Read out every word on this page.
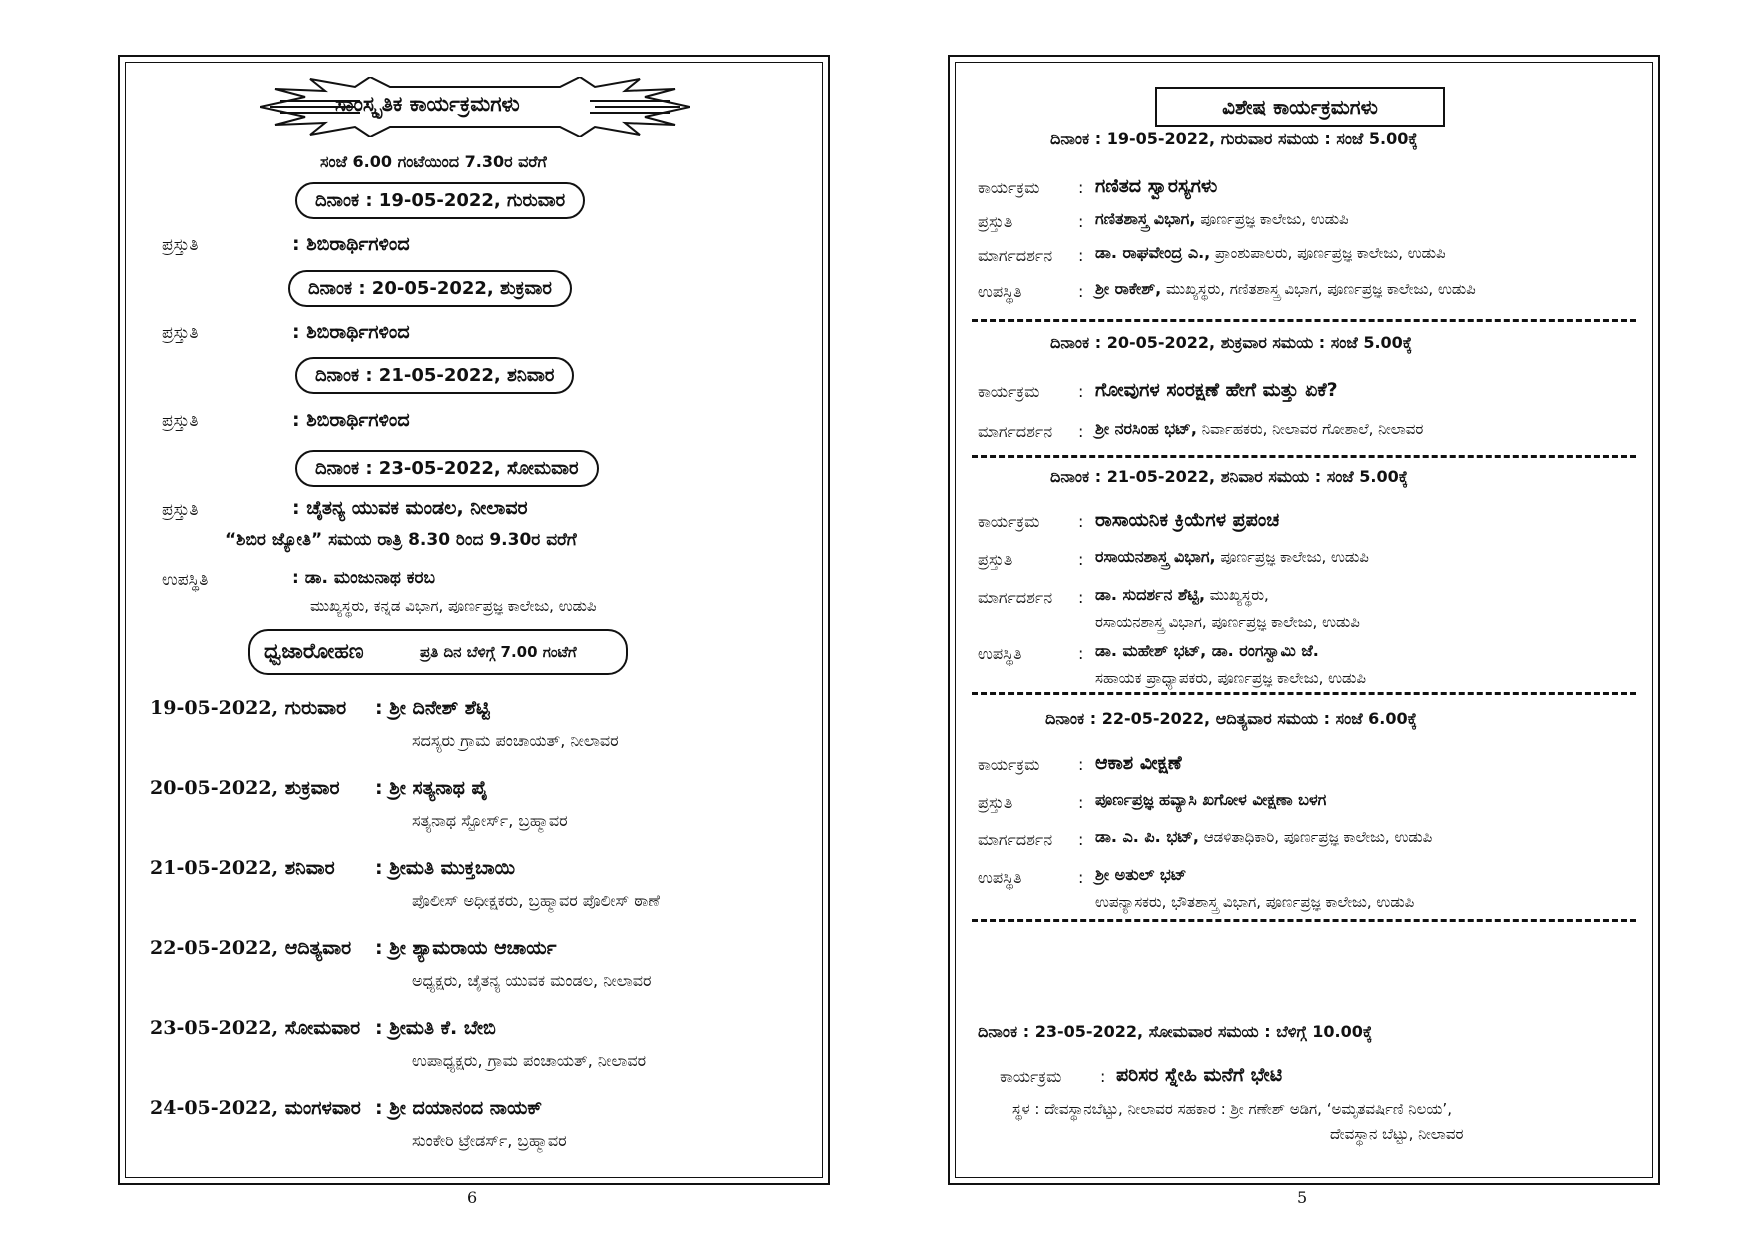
ಸಾಂಸ್ಕೃತಿಕ ಕಾರ್ಯಕ್ರಮಗಳು
ಸಂಜೆ 6.00 ಗಂಟೆಯಿಂದ 7.30ರ ವರೆಗೆ
ದಿನಾಂಕ : 19-05-2022, ಗುರುವಾರ
ಪ್ರಸ್ತುತಿ	: ಶಿಬಿರಾರ್ಥಿಗಳಿಂದ
ದಿನಾಂಕ : 20-05-2022, ಶುಕ್ರವಾರ
ಪ್ರಸ್ತುತಿ	: ಶಿಬಿರಾರ್ಥಿಗಳಿಂದ
ದಿನಾಂಕ : 21-05-2022, ಶನಿವಾರ
ಪ್ರಸ್ತುತಿ	: ಶಿಬಿರಾರ್ಥಿಗಳಿಂದ
ದಿನಾಂಕ : 23-05-2022, ಸೋಮವಾರ
ಪ್ರಸ್ತುತಿ	: ಚೈತನ್ಯ ಯುವಕ ಮಂಡಲ, ನೀಲಾವರ
“ಶಿಬಿರ ಜ್ಯೋತಿ” ಸಮಯ ರಾತ್ರಿ 8.30 ರಿಂದ 9.30ರ ವರೆಗೆ
ಉಪಸ್ಥಿತಿ	: ಡಾ. ಮಂಜುನಾಥ ಕರಬ
ಮುಖ್ಯಸ್ಥರು, ಕನ್ನಡ ವಿಭಾಗ, ಪೂರ್ಣಪ್ರಜ್ಞ ಕಾಲೇಜು, ಉಡುಪಿ
ಧ್ವಜಾರೋಹಣ	ಪ್ರತಿ ದಿನ ಬೆಳಿಗ್ಗೆ 7.00 ಗಂಟೆಗೆ
19-05-2022, ಗುರುವಾರ : ಶ್ರೀ ದಿನೇಶ್ ಶೆಟ್ಟಿ
ಸದಸ್ಯರು ಗ್ರಾಮ ಪಂಚಾಯತ್, ನೀಲಾವರ
20-05-2022, ಶುಕ್ರವಾರ : ಶ್ರೀ ಸತ್ಯನಾಥ ಪೈ
ಸತ್ಯನಾಥ ಸ್ಟೋರ್ಸ್, ಬ್ರಹ್ಮಾವರ
21-05-2022, ಶನಿವಾರ : ಶ್ರೀಮತಿ ಮುಕ್ತಬಾಯಿ
ಪೊಲೀಸ್ ಅಧೀಕ್ಷಕರು, ಬ್ರಹ್ಮಾವರ ಪೊಲೀಸ್ ಠಾಣೆ
22-05-2022, ಆದಿತ್ಯವಾರ : ಶ್ರೀ ಶ್ಯಾಮರಾಯ ಆಚಾರ್ಯ
ಅಧ್ಯಕ್ಷರು, ಚೈತನ್ಯ ಯುವಕ ಮಂಡಲ, ನೀಲಾವರ
23-05-2022, ಸೋಮವಾರ : ಶ್ರೀಮತಿ ಕೆ. ಬೇಬಿ
ಉಪಾಧ್ಯಕ್ಷರು, ಗ್ರಾಮ ಪಂಚಾಯತ್, ನೀಲಾವರ
24-05-2022, ಮಂಗಳವಾರ : ಶ್ರೀ ದಯಾನಂದ ನಾಯಕ್
ಸುಂಕೇರಿ ಟ್ರೇಡರ್ಸ್, ಬ್ರಹ್ಮಾವರ
6
ವಿಶೇಷ ಕಾರ್ಯಕ್ರಮಗಳು
ದಿನಾಂಕ : 19-05-2022, ಗುರುವಾರ ಸಮಯ : ಸಂಜೆ 5.00ಕ್ಕೆ
ಕಾರ್ಯಕ್ರಮ : ಗಣಿತದ ಸ್ವಾರಸ್ಯಗಳು
ಪ್ರಸ್ತುತಿ	: ಗಣಿತಶಾಸ್ತ್ರ ವಿಭಾಗ, ಪೂರ್ಣಪ್ರಜ್ಞ ಕಾಲೇಜು, ಉಡುಪಿ
ಮಾರ್ಗದರ್ಶನ : ಡಾ. ರಾಘವೇಂದ್ರ ಎ., ಪ್ರಾಂಶುಪಾಲರು, ಪೂರ್ಣಪ್ರಜ್ಞ ಕಾಲೇಜು, ಉಡುಪಿ
ಉಪಸ್ಥಿತಿ	: ಶ್ರೀ ರಾಕೇಶ್, ಮುಖ್ಯಸ್ಥರು, ಗಣಿತಶಾಸ್ತ್ರ ವಿಭಾಗ, ಪೂರ್ಣಪ್ರಜ್ಞ ಕಾಲೇಜು, ಉಡುಪಿ
ದಿನಾಂಕ : 20-05-2022, ಶುಕ್ರವಾರ ಸಮಯ : ಸಂಜೆ 5.00ಕ್ಕೆ
ಕಾರ್ಯಕ್ರಮ : ಗೋವುಗಳ ಸಂರಕ್ಷಣೆ ಹೇಗೆ ಮತ್ತು ಏಕೆ?
ಮಾರ್ಗದರ್ಶನ : ಶ್ರೀ ನರಸಿಂಹ ಭಟ್, ನಿರ್ವಾಹಕರು, ನೀಲಾವರ ಗೋಶಾಲೆ, ನೀಲಾವರ
ದಿನಾಂಕ : 21-05-2022, ಶನಿವಾರ ಸಮಯ : ಸಂಜೆ 5.00ಕ್ಕೆ
ಕಾರ್ಯಕ್ರಮ : ರಾಸಾಯನಿಕ ಕ್ರಿಯೆಗಳ ಪ್ರಪಂಚ
ಪ್ರಸ್ತುತಿ	: ರಸಾಯನಶಾಸ್ತ್ರ ವಿಭಾಗ, ಪೂರ್ಣಪ್ರಜ್ಞ ಕಾಲೇಜು, ಉಡುಪಿ
ಮಾರ್ಗದರ್ಶನ : ಡಾ. ಸುದರ್ಶನ ಶೆಟ್ಟಿ, ಮುಖ್ಯಸ್ಥರು,
ರಸಾಯನಶಾಸ್ತ್ರ ವಿಭಾಗ, ಪೂರ್ಣಪ್ರಜ್ಞ ಕಾಲೇಜು, ಉಡುಪಿ
ಉಪಸ್ಥಿತಿ	: ಡಾ. ಮಹೇಶ್ ಭಟ್, ಡಾ. ರಂಗಸ್ವಾಮಿ ಜೆ.
ಸಹಾಯಕ ಪ್ರಾಧ್ಯಾಪಕರು, ಪೂರ್ಣಪ್ರಜ್ಞ ಕಾಲೇಜು, ಉಡುಪಿ
ದಿನಾಂಕ : 22-05-2022, ಆದಿತ್ಯವಾರ ಸಮಯ : ಸಂಜೆ 6.00ಕ್ಕೆ
ಕಾರ್ಯಕ್ರಮ : ಆಕಾಶ ವೀಕ್ಷಣೆ
ಪ್ರಸ್ತುತಿ	: ಪೂರ್ಣಪ್ರಜ್ಞ ಹವ್ಯಾಸಿ ಖಗೋಳ ವೀಕ್ಷಣಾ ಬಳಗ
ಮಾರ್ಗದರ್ಶನ : ಡಾ. ಎ. ಪಿ. ಭಟ್, ಆಡಳಿತಾಧಿಕಾರಿ, ಪೂರ್ಣಪ್ರಜ್ಞ ಕಾಲೇಜು, ಉಡುಪಿ
ಉಪಸ್ಥಿತಿ	: ಶ್ರೀ ಅತುಲ್ ಭಟ್
ಉಪನ್ಯಾಸಕರು, ಭೌತಶಾಸ್ತ್ರ ವಿಭಾಗ, ಪೂರ್ಣಪ್ರಜ್ಞ ಕಾಲೇಜು, ಉಡುಪಿ
ದಿನಾಂಕ : 23-05-2022, ಸೋಮವಾರ ಸಮಯ : ಬೆಳಿಗ್ಗೆ 10.00ಕ್ಕೆ
ಕಾರ್ಯಕ್ರಮ : ಪರಿಸರ ಸ್ನೇಹಿ ಮನೆಗೆ ಭೇಟಿ
ಸ್ಥಳ : ದೇವಸ್ಥಾನಬೆಟ್ಟು, ನೀಲಾವರ ಸಹಕಾರ : ಶ್ರೀ ಗಣೇಶ್ ಅಡಿಗ, ‘ಅಮೃತವರ್ಷಿಣಿ ನಿಲಯ’,
ದೇವಸ್ಥಾನ ಬೆಟ್ಟು, ನೀಲಾವರ
5
